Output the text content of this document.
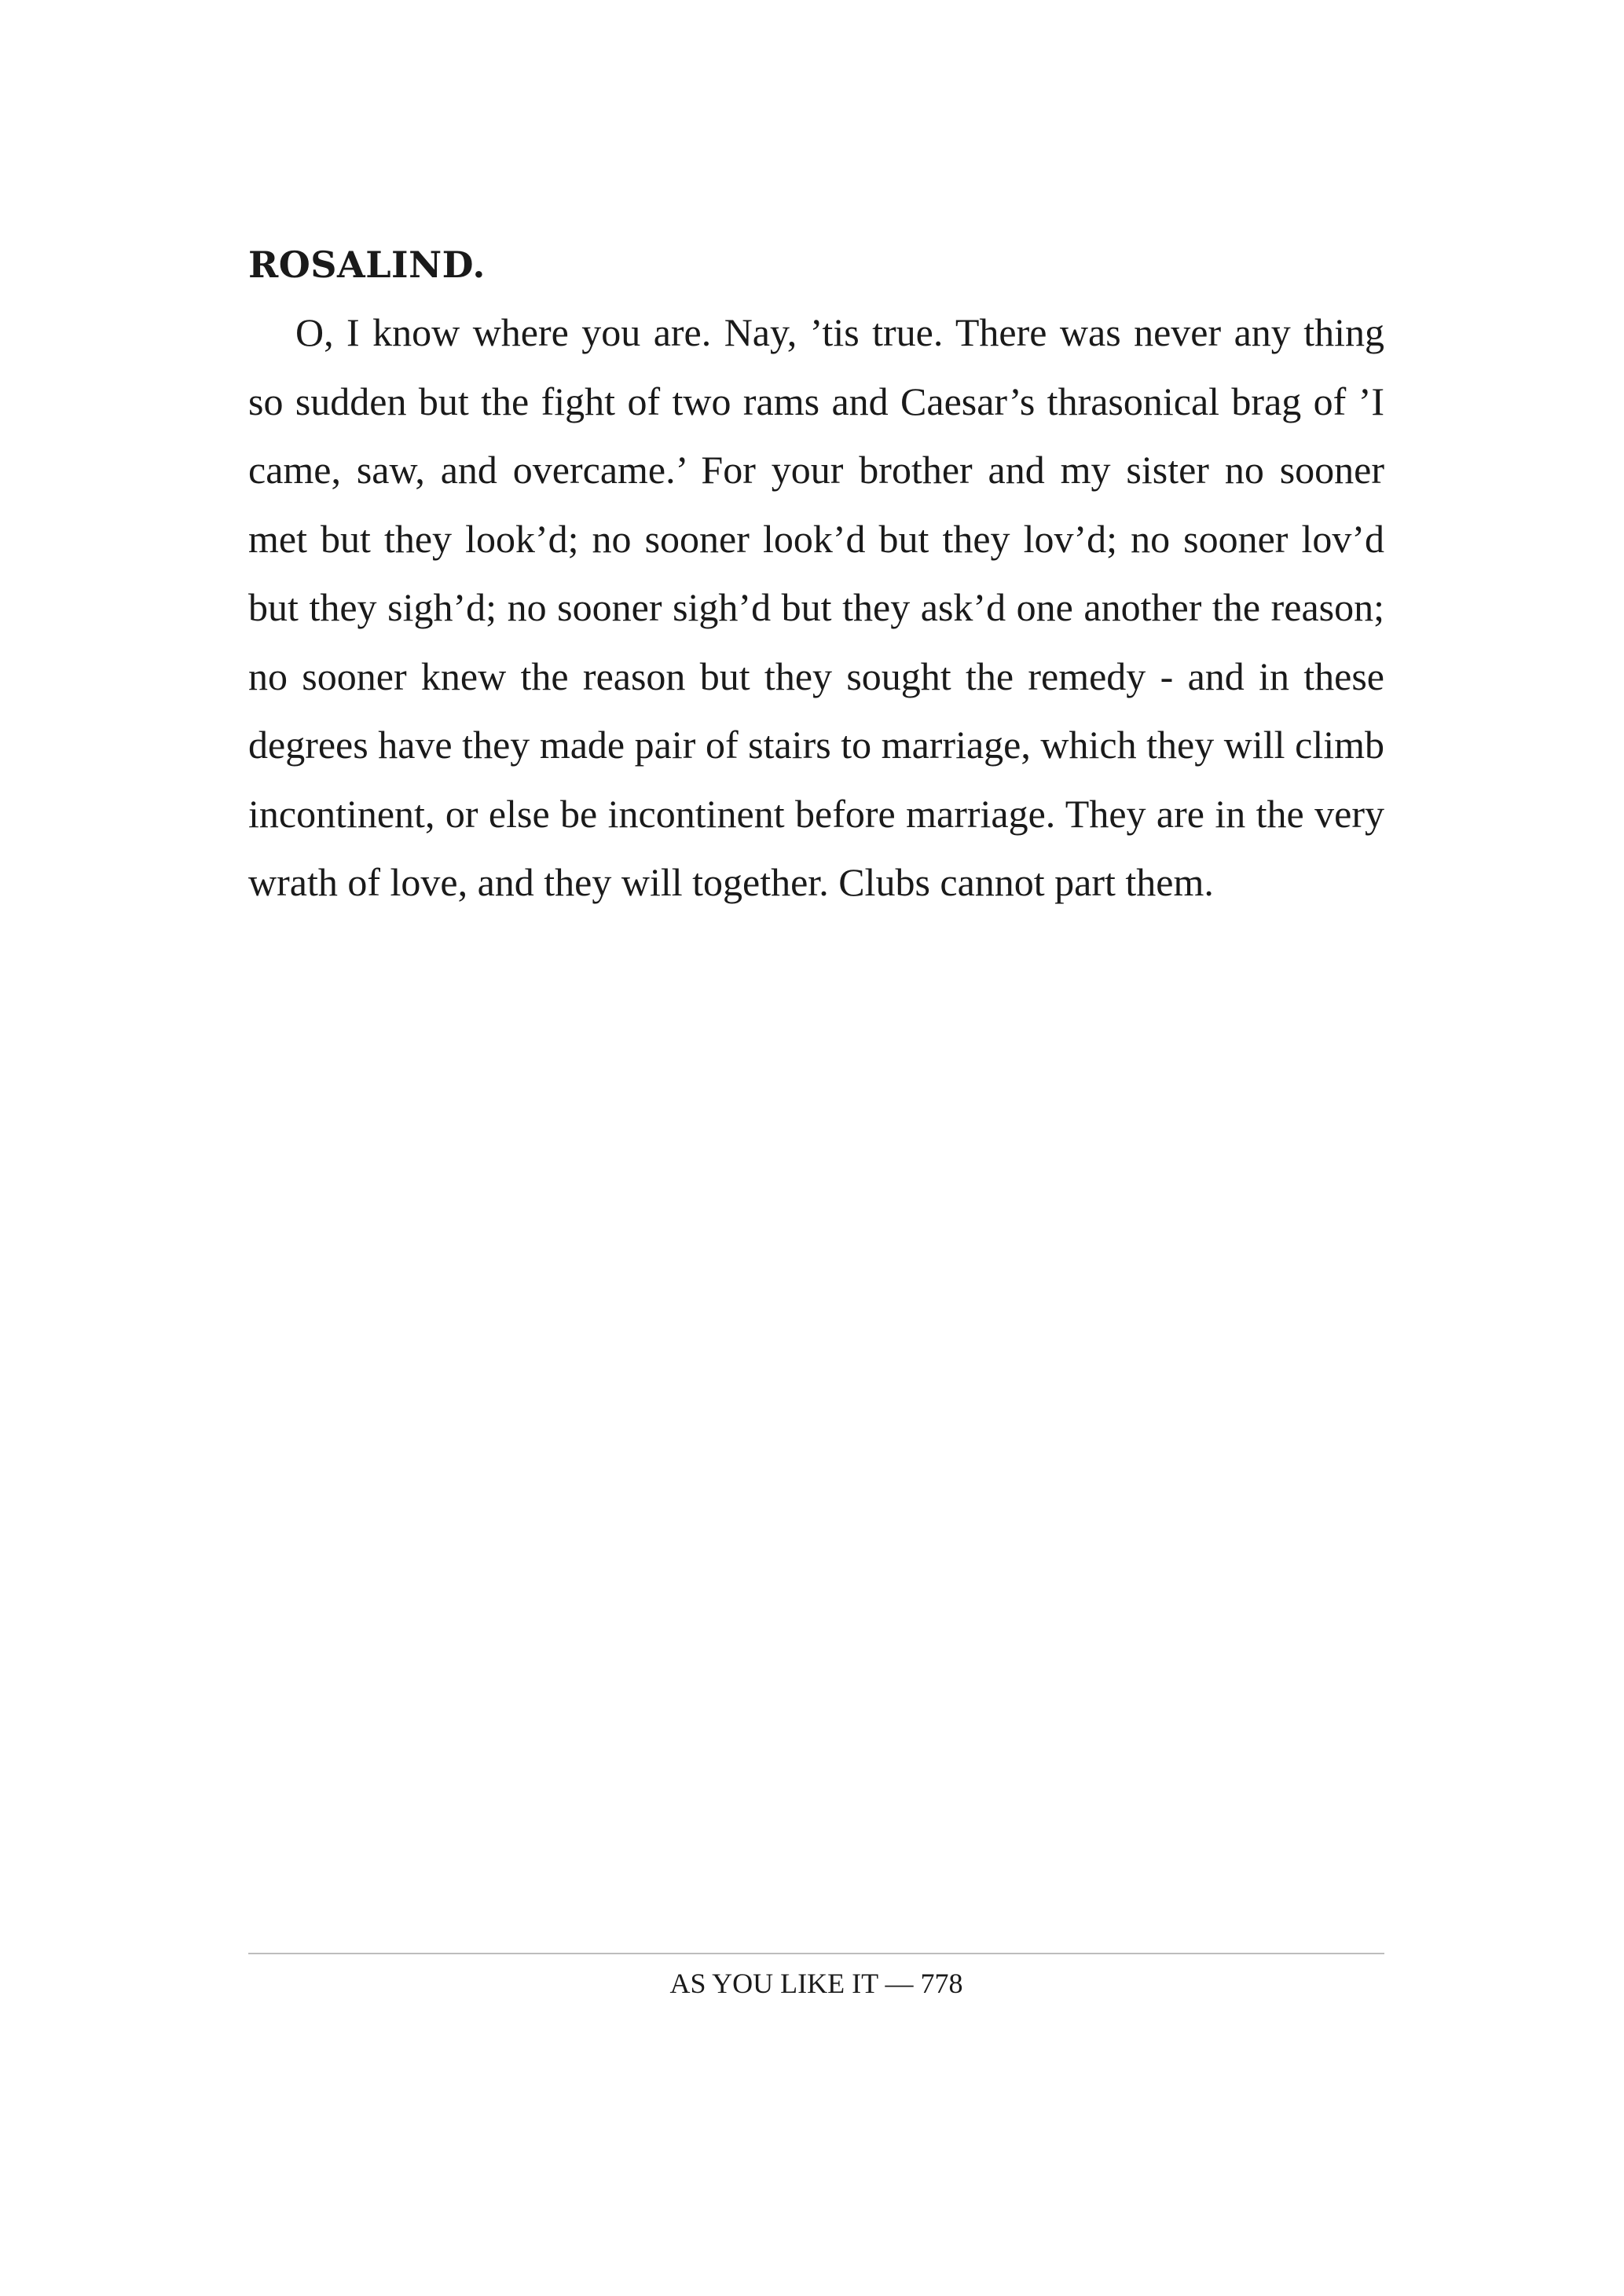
ROSALIND.

O, I know where you are. Nay, ’tis true. There was never any thing so sudden but the fight of two rams and Caesar’s thrasonical brag of ’I came, saw, and overcame.’ For your brother and my sister no sooner met but they look’d; no sooner look’d but they lov’d; no sooner lov’d but they sigh’d; no sooner sigh’d but they ask’d one another the reason; no sooner knew the reason but they sought the remedy - and in these degrees have they made pair of stairs to marriage, which they will climb incontinent, or else be incontinent before marriage. They are in the very wrath of love, and they will together. Clubs cannot part them.

AS YOU LIKE IT — 778
